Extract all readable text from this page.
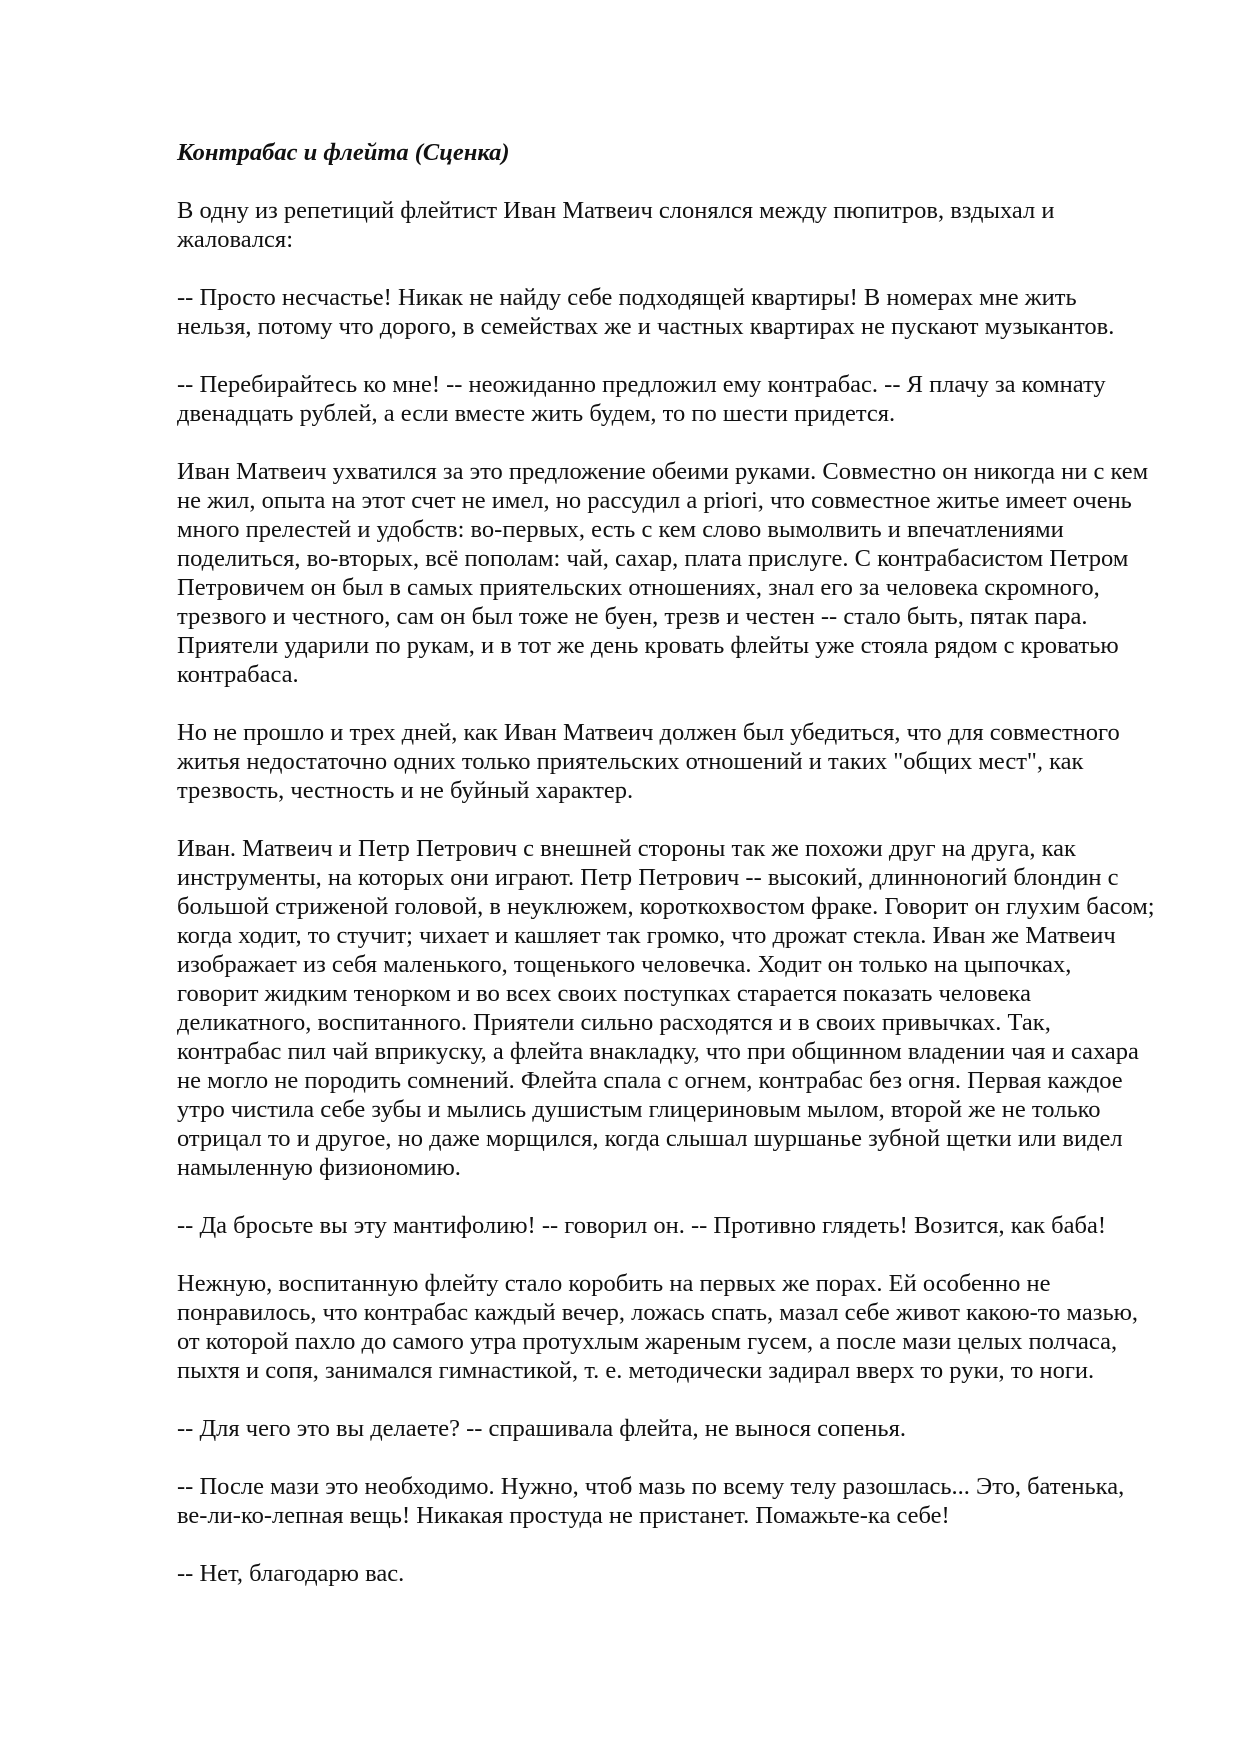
Контрабас и флейта (Сценка)

В одну из репетиций флейтист Иван Матвеич слонялся между пюпитров, вздыхал и жаловался:

-- Просто несчастье! Никак не найду себе подходящей квартиры! В номерах мне жить нельзя, потому что дорого, в семействах же и частных квартирах не пускают музыкантов.

-- Перебирайтесь ко мне! -- неожиданно предложил ему контрабас. -- Я плачу за комнату двенадцать рублей, а если вместе жить будем, то по шести придется.

Иван Матвеич ухватился за это предложение обеими руками. Совместно он никогда ни с кем не жил, опыта на этот счет не имел, но рассудил a priori, что совместное житье имеет очень много прелестей и удобств: во-первых, есть с кем слово вымолвить и впечатлениями поделиться, во-вторых, всё пополам: чай, сахар, плата прислуге. С контрабасистом Петром Петровичем он был в самых приятельских отношениях, знал его за человека скромного, трезвого и честного, сам он был тоже не буен, трезв и честен -- стало быть, пятак пара. Приятели ударили по рукам, и в тот же день кровать флейты уже стояла рядом с кроватью контрабаса.

Но не прошло и трех дней, как Иван Матвеич должен был убедиться, что для совместного житья недостаточно одних только приятельских отношений и таких "общих мест", как трезвость, честность и не буйный характер.

Иван. Матвеич и Петр Петрович с внешней стороны так же похожи друг на друга, как инструменты, на которых они играют. Петр Петрович -- высокий, длинноногий блондин с большой стриженой головой, в неуклюжем, короткохвостом фраке. Говорит он глухим басом; когда ходит, то стучит; чихает и кашляет так громко, что дрожат стекла. Иван же Матвеич изображает из себя маленького, тощенького человечка. Ходит он только на цыпочках, говорит жидким тенорком и во всех своих поступках старается показать человека деликатного, воспитанного. Приятели сильно расходятся и в своих привычках. Так, контрабас пил чай вприкуску, а флейта внакладку, что при общинном владении чая и сахара не могло не породить сомнений. Флейта спала с огнем, контрабас без огня. Первая каждое утро чистила себе зубы и мылись душистым глицериновым мылом, второй же не только отрицал то и другое, но даже морщился, когда слышал шуршанье зубной щетки или видел намыленную физиономию.

-- Да бросьте вы эту мантифолию! -- говорил он. -- Противно глядеть! Возится, как баба!

Нежную, воспитанную флейту стало коробить на первых же порах. Ей особенно не понравилось, что контрабас каждый вечер, ложась спать, мазал себе живот какою-то мазью, от которой пахло до самого утра протухлым жареным гусем, а после мази целых полчаса, пыхтя и сопя, занимался гимнастикой, т. е. методически задирал вверх то руки, то ноги.

-- Для чего это вы делаете? -- спрашивала флейта, не вынося сопенья.

-- После мази это необходимо. Нужно, чтоб мазь по всему телу разошлась... Это, батенька, ве-ли-ко-лепная вещь! Никакая простуда не пристанет. Помажьте-ка себе!

-- Нет, благодарю вас.
